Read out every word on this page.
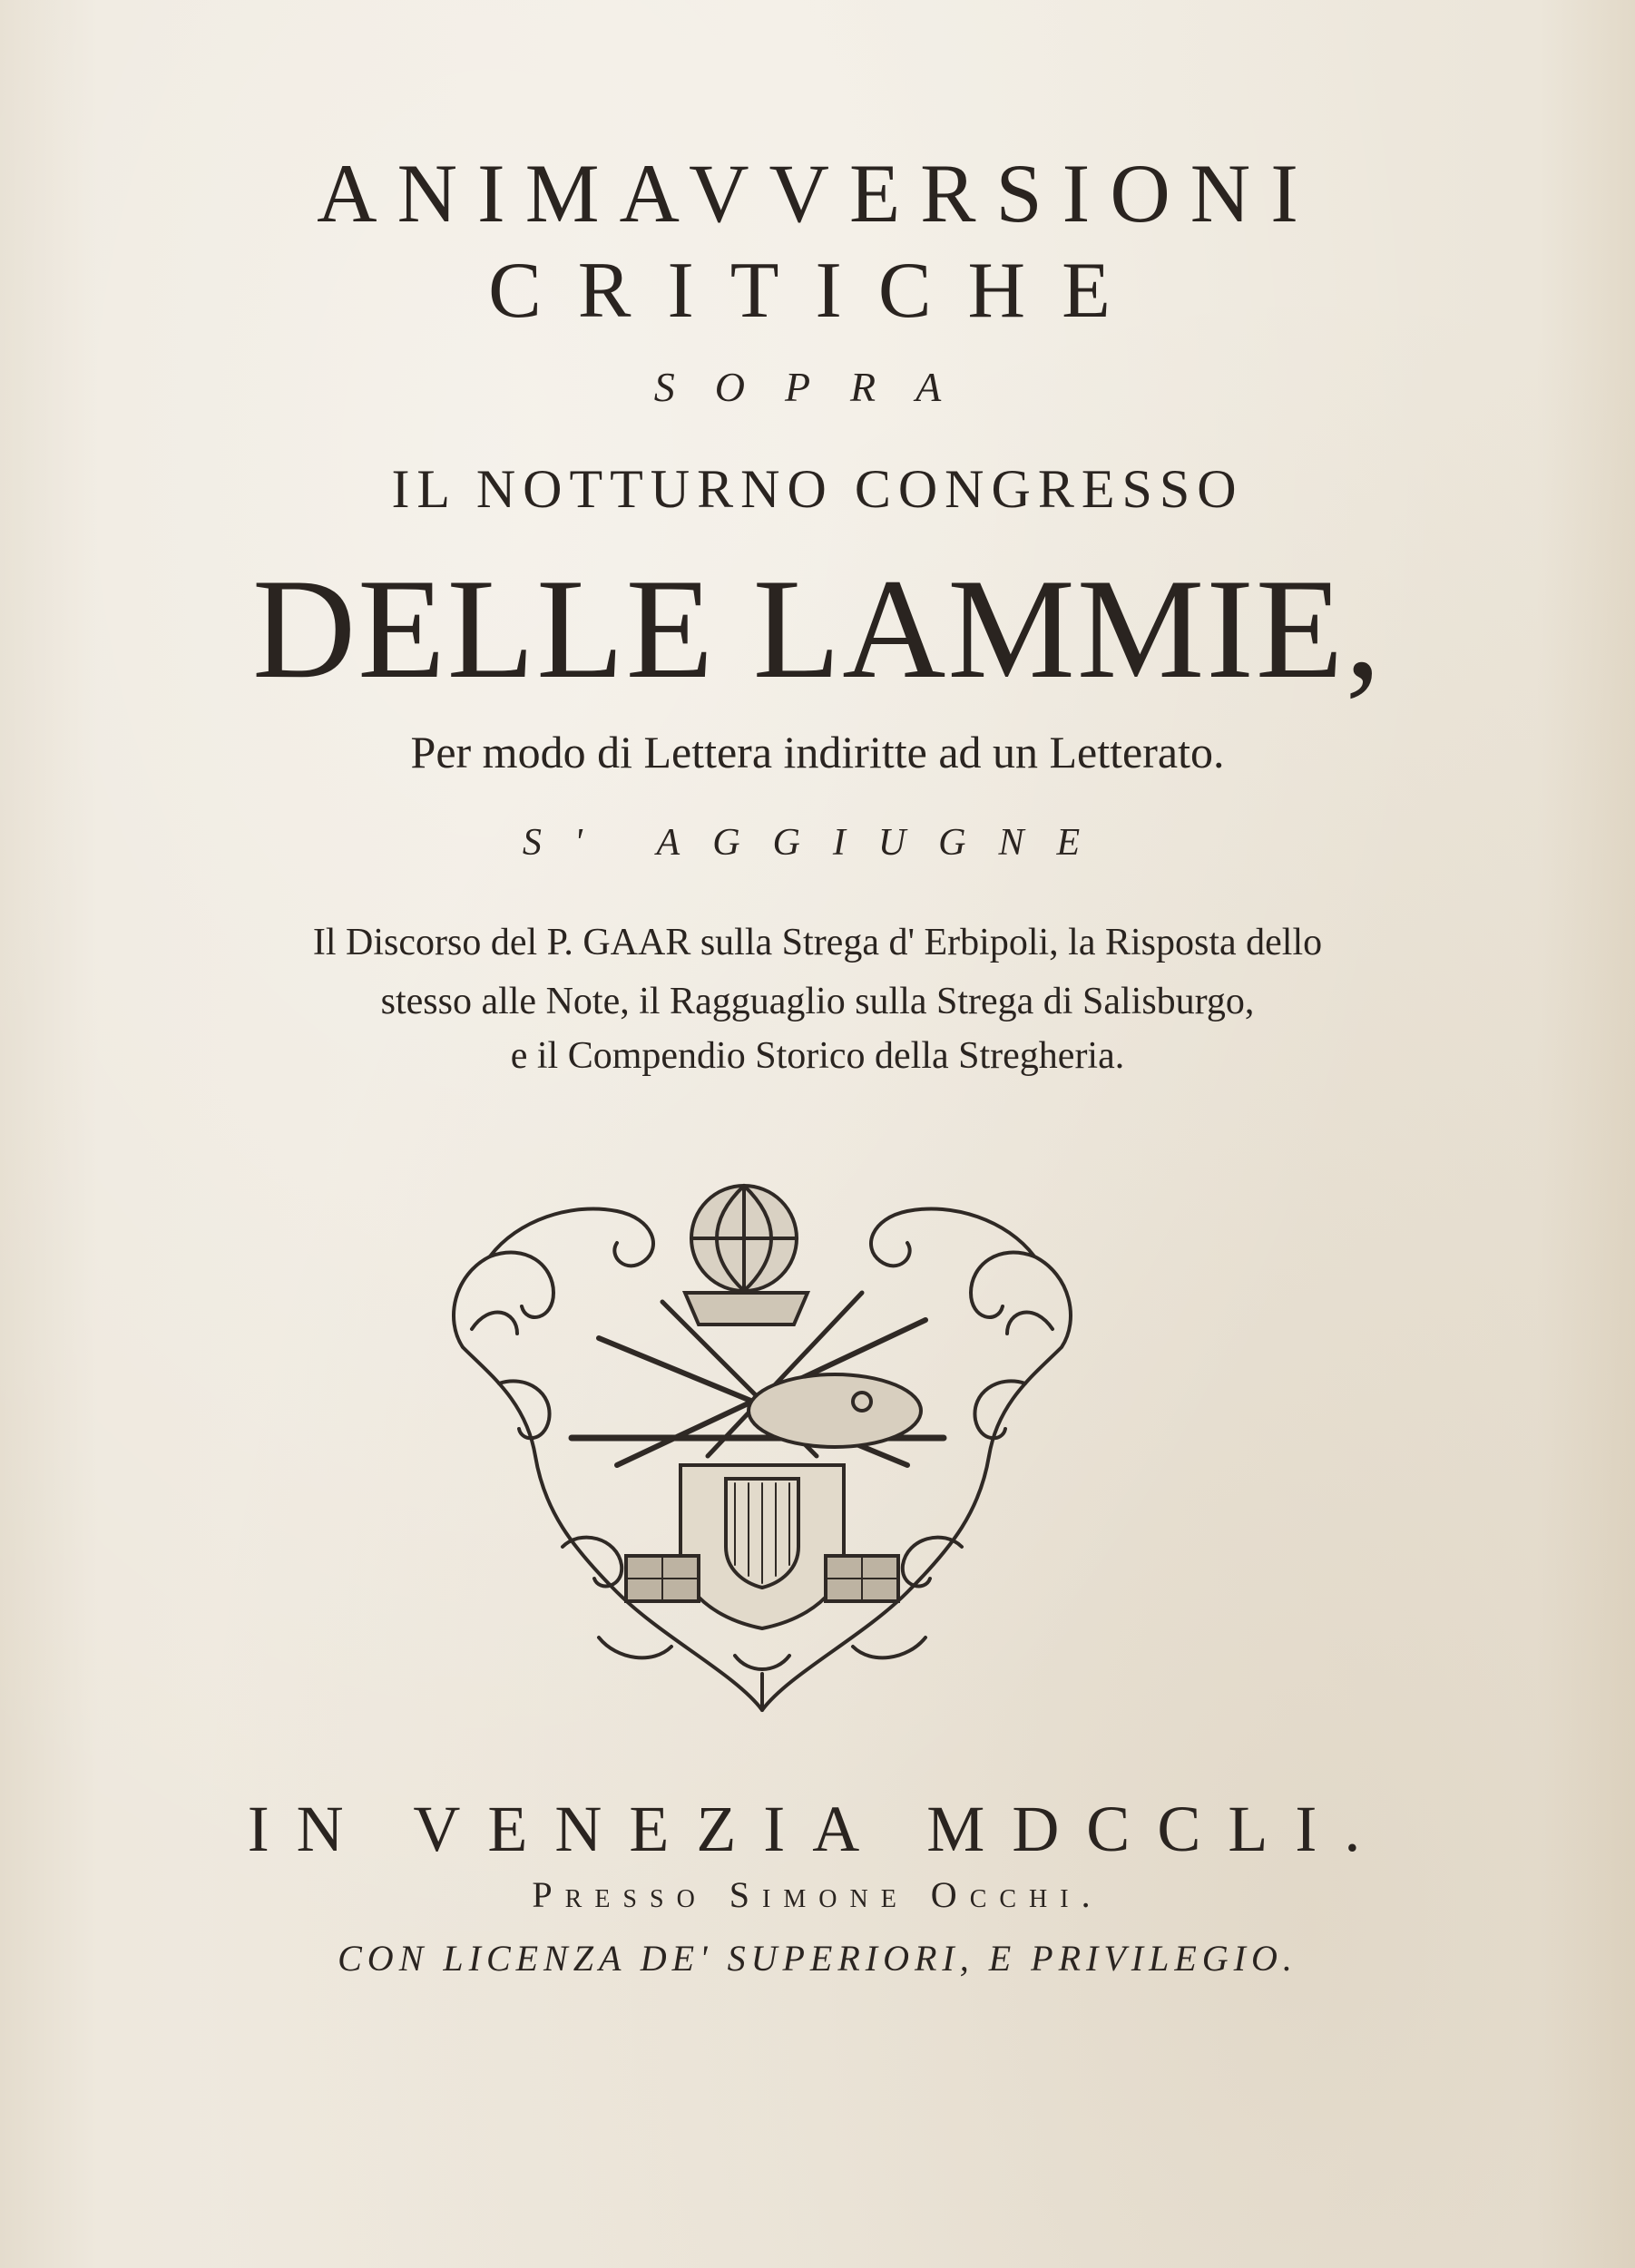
ANIMAVVERSIONI
CRITICHE
SOPRA
IL NOTTURNO CONGRESSO
DELLE LAMMIE,
Per modo di Lettera indiritte ad un Letterato.
S' AGGIUGNE
Il Discorso del P. GAAR sulla Strega d' Erbipoli, la Risposta dello
stesso alle Note, il Ragguaglio sulla Strega di Salisburgo,
e il Compendio Storico della Stregheria.
IN VENEZIA MDCCLI.
Presso Simone Occhi.
CON LICENZA DE' SUPERIORI, E PRIVILEGIO.
